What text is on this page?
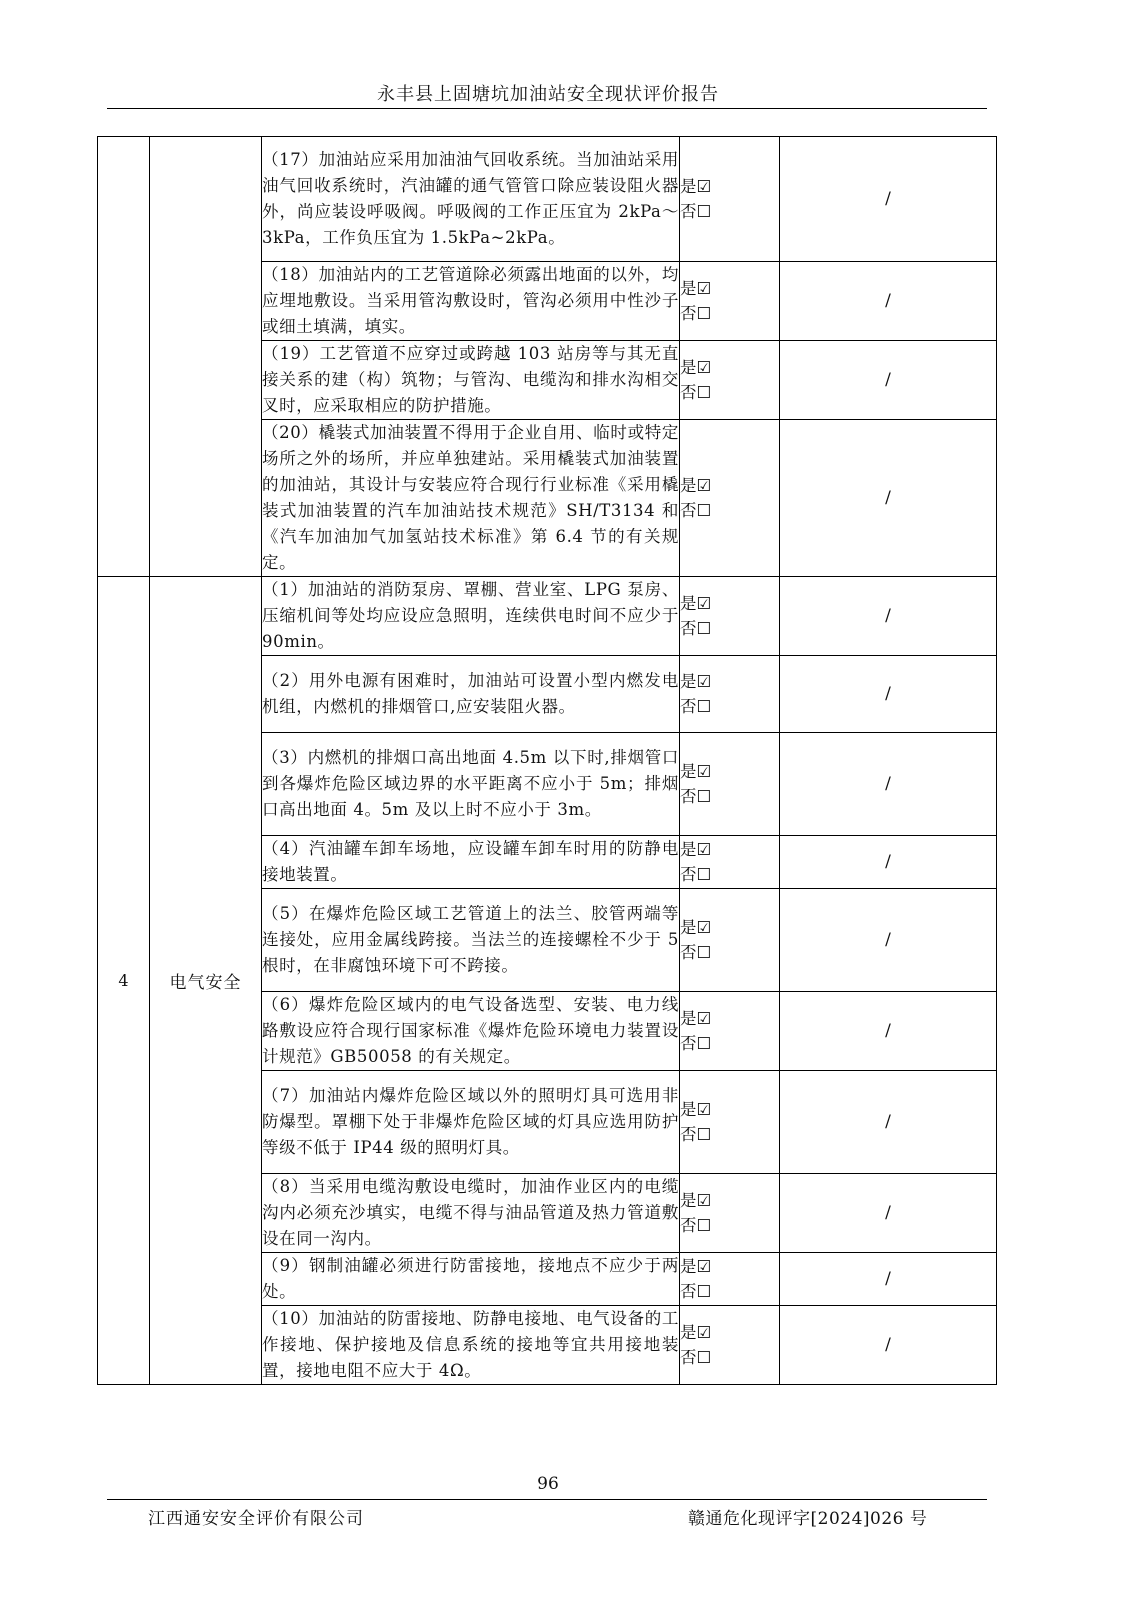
永丰县上固塘坑加油站安全现状评价报告
		（17）加油站应采用加油油气回收系统。当加油站采用油气回收系统时，汽油罐的通气管管口除应装设阻火器外，尚应装设呼吸阀。呼吸阀的工作正压宜为 2kPa～3kPa，工作负压宜为 1.5kPa~2kPa。	是☑
否☐	/
		（18）加油站内的工艺管道除必须露出地面的以外，均应埋地敷设。当采用管沟敷设时，管沟必须用中性沙子或细土填满，填实。	是☑
否☐	/
		（19）工艺管道不应穿过或跨越 103 站房等与其无直接关系的建（构）筑物；与管沟、电缆沟和排水沟相交叉时，应采取相应的防护措施。	是☑
否☐	/
		（20）橇装式加油装置不得用于企业自用、临时或特定场所之外的场所，并应单独建站。采用橇装式加油装置的加油站，其设计与安装应符合现行行业标准《采用橇装式加油装置的汽车加油站技术规范》SH/T3134 和《汽车加油加气加氢站技术标准》第 6.4 节的有关规定。	是☑
否☐	/
4	电气安全	（1）加油站的消防泵房、罩棚、营业室、LPG 泵房、压缩机间等处均应设应急照明，连续供电时间不应少于 90min。	是☑
否☐	/
		（2）用外电源有困难时，加油站可设置小型内燃发电机组，内燃机的排烟管口,应安装阻火器。	是☑
否☐	/
		（3）内燃机的排烟口高出地面 4.5m 以下时,排烟管口到各爆炸危险区域边界的水平距离不应小于 5m；排烟口高出地面 4。5m 及以上时不应小于 3m。	是☑
否☐	/
		（4）汽油罐车卸车场地，应设罐车卸车时用的防静电接地装置。	是☑
否☐	/
		（5）在爆炸危险区域工艺管道上的法兰、胶管两端等连接处，应用金属线跨接。当法兰的连接螺栓不少于 5 根时，在非腐蚀环境下可不跨接。	是☑
否☐	/
		（6）爆炸危险区域内的电气设备选型、安装、电力线路敷设应符合现行国家标准《爆炸危险环境电力装置设计规范》GB50058 的有关规定。	是☑
否☐	/
		（7）加油站内爆炸危险区域以外的照明灯具可选用非防爆型。罩棚下处于非爆炸危险区域的灯具应选用防护等级不低于 IP44 级的照明灯具。	是☑
否☐	/
		（8）当采用电缆沟敷设电缆时，加油作业区内的电缆沟内必须充沙填实，电缆不得与油品管道及热力管道敷设在同一沟内。	是☑
否☐	/
		（9）钢制油罐必须进行防雷接地，接地点不应少于两处。	是☑
否☐	/
		（10）加油站的防雷接地、防静电接地、电气设备的工作接地、保护接地及信息系统的接地等宜共用接地装置，接地电阻不应大于 4Ω。	是☑
否☐	/
96
江西通安安全评价有限公司	赣通危化现评字[2024]026 号
